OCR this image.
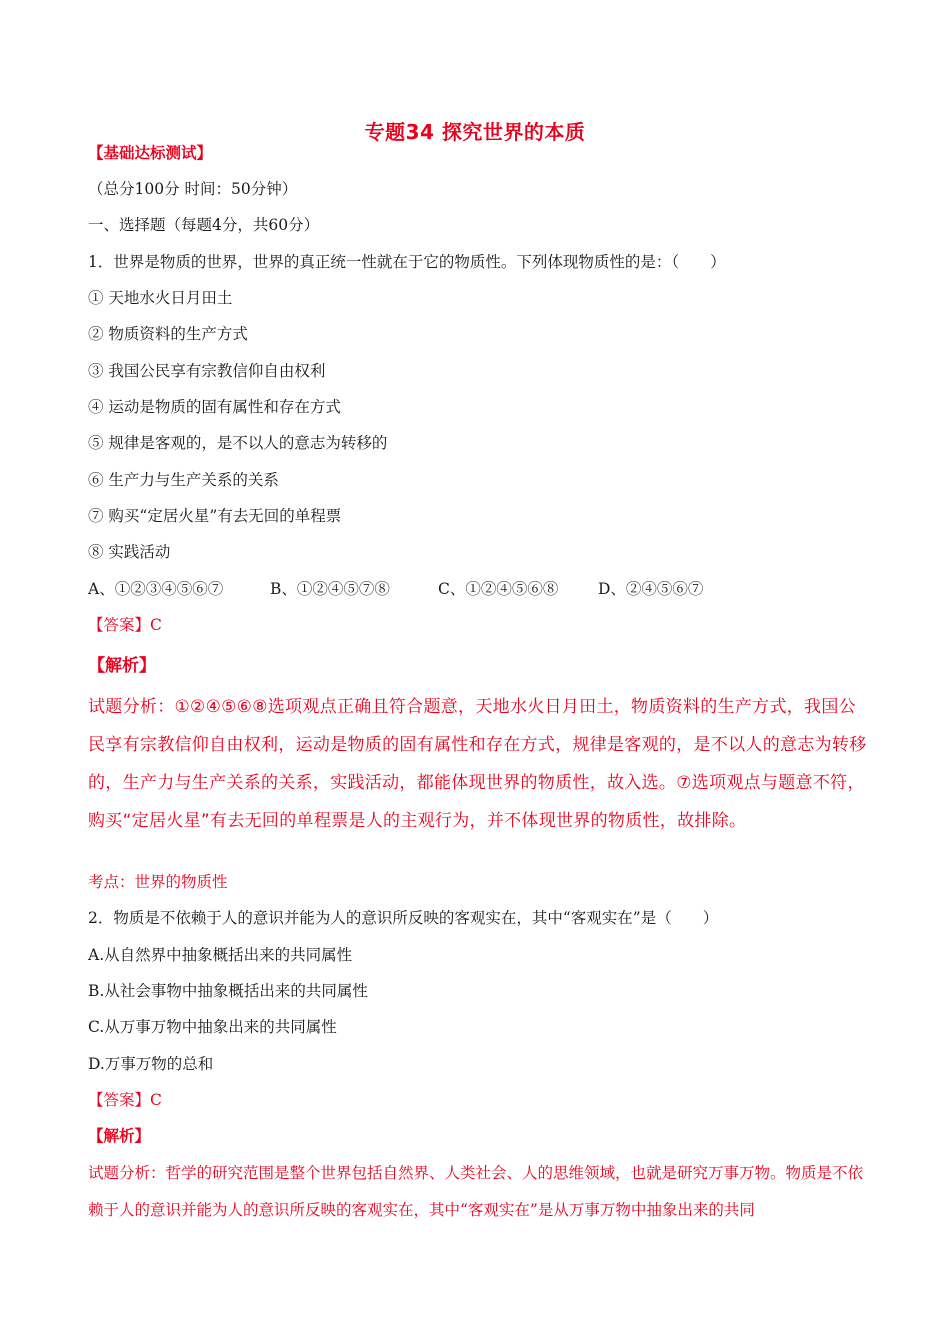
专题34 探究世界的本质
【基础达标测试】
（总分100分 时间：50分钟）
一、选择题（每题4分，共60分）
1．世界是物质的世界，世界的真正统一性就在于它的物质性。下列体现物质性的是：（　　）
① 天地水火日月田土
② 物质资料的生产方式
③ 我国公民享有宗教信仰自由权利
④ 运动是物质的固有属性和存在方式
⑤ 规律是客观的，是不以人的意志为转移的
⑥ 生产力与生产关系的关系
⑦ 购买“定居火星”有去无回的单程票
⑧ 实践活动
A、①②③④⑤⑥⑦	B、①②④⑤⑦⑧	C、①②④⑤⑥⑧	D、②④⑤⑥⑦
【答案】C
【解析】
试题分析：①②④⑤⑥⑧选项观点正确且符合题意，天地水火日月田土，物质资料的生产方式，我国公民享有宗教信仰自由权利，运动是物质的固有属性和存在方式，规律是客观的，是不以人的意志为转移的，生产力与生产关系的关系，实践活动，都能体现世界的物质性，故入选。⑦选项观点与题意不符，购买“定居火星”有去无回的单程票是人的主观行为，并不体现世界的物质性，故排除。
考点：世界的物质性
2．物质是不依赖于人的意识并能为人的意识所反映的客观实在，其中“客观实在”是（　　）
A.从自然界中抽象概括出来的共同属性
B.从社会事物中抽象概括出来的共同属性
C.从万事万物中抽象出来的共同属性
D.万事万物的总和
【答案】C
【解析】
试题分析：哲学的研究范围是整个世界包括自然界、人类社会、人的思维领域，也就是研究万事万物。物质是不依赖于人的意识并能为人的意识所反映的客观实在，其中“客观实在”是从万事万物中抽象出来的共同
